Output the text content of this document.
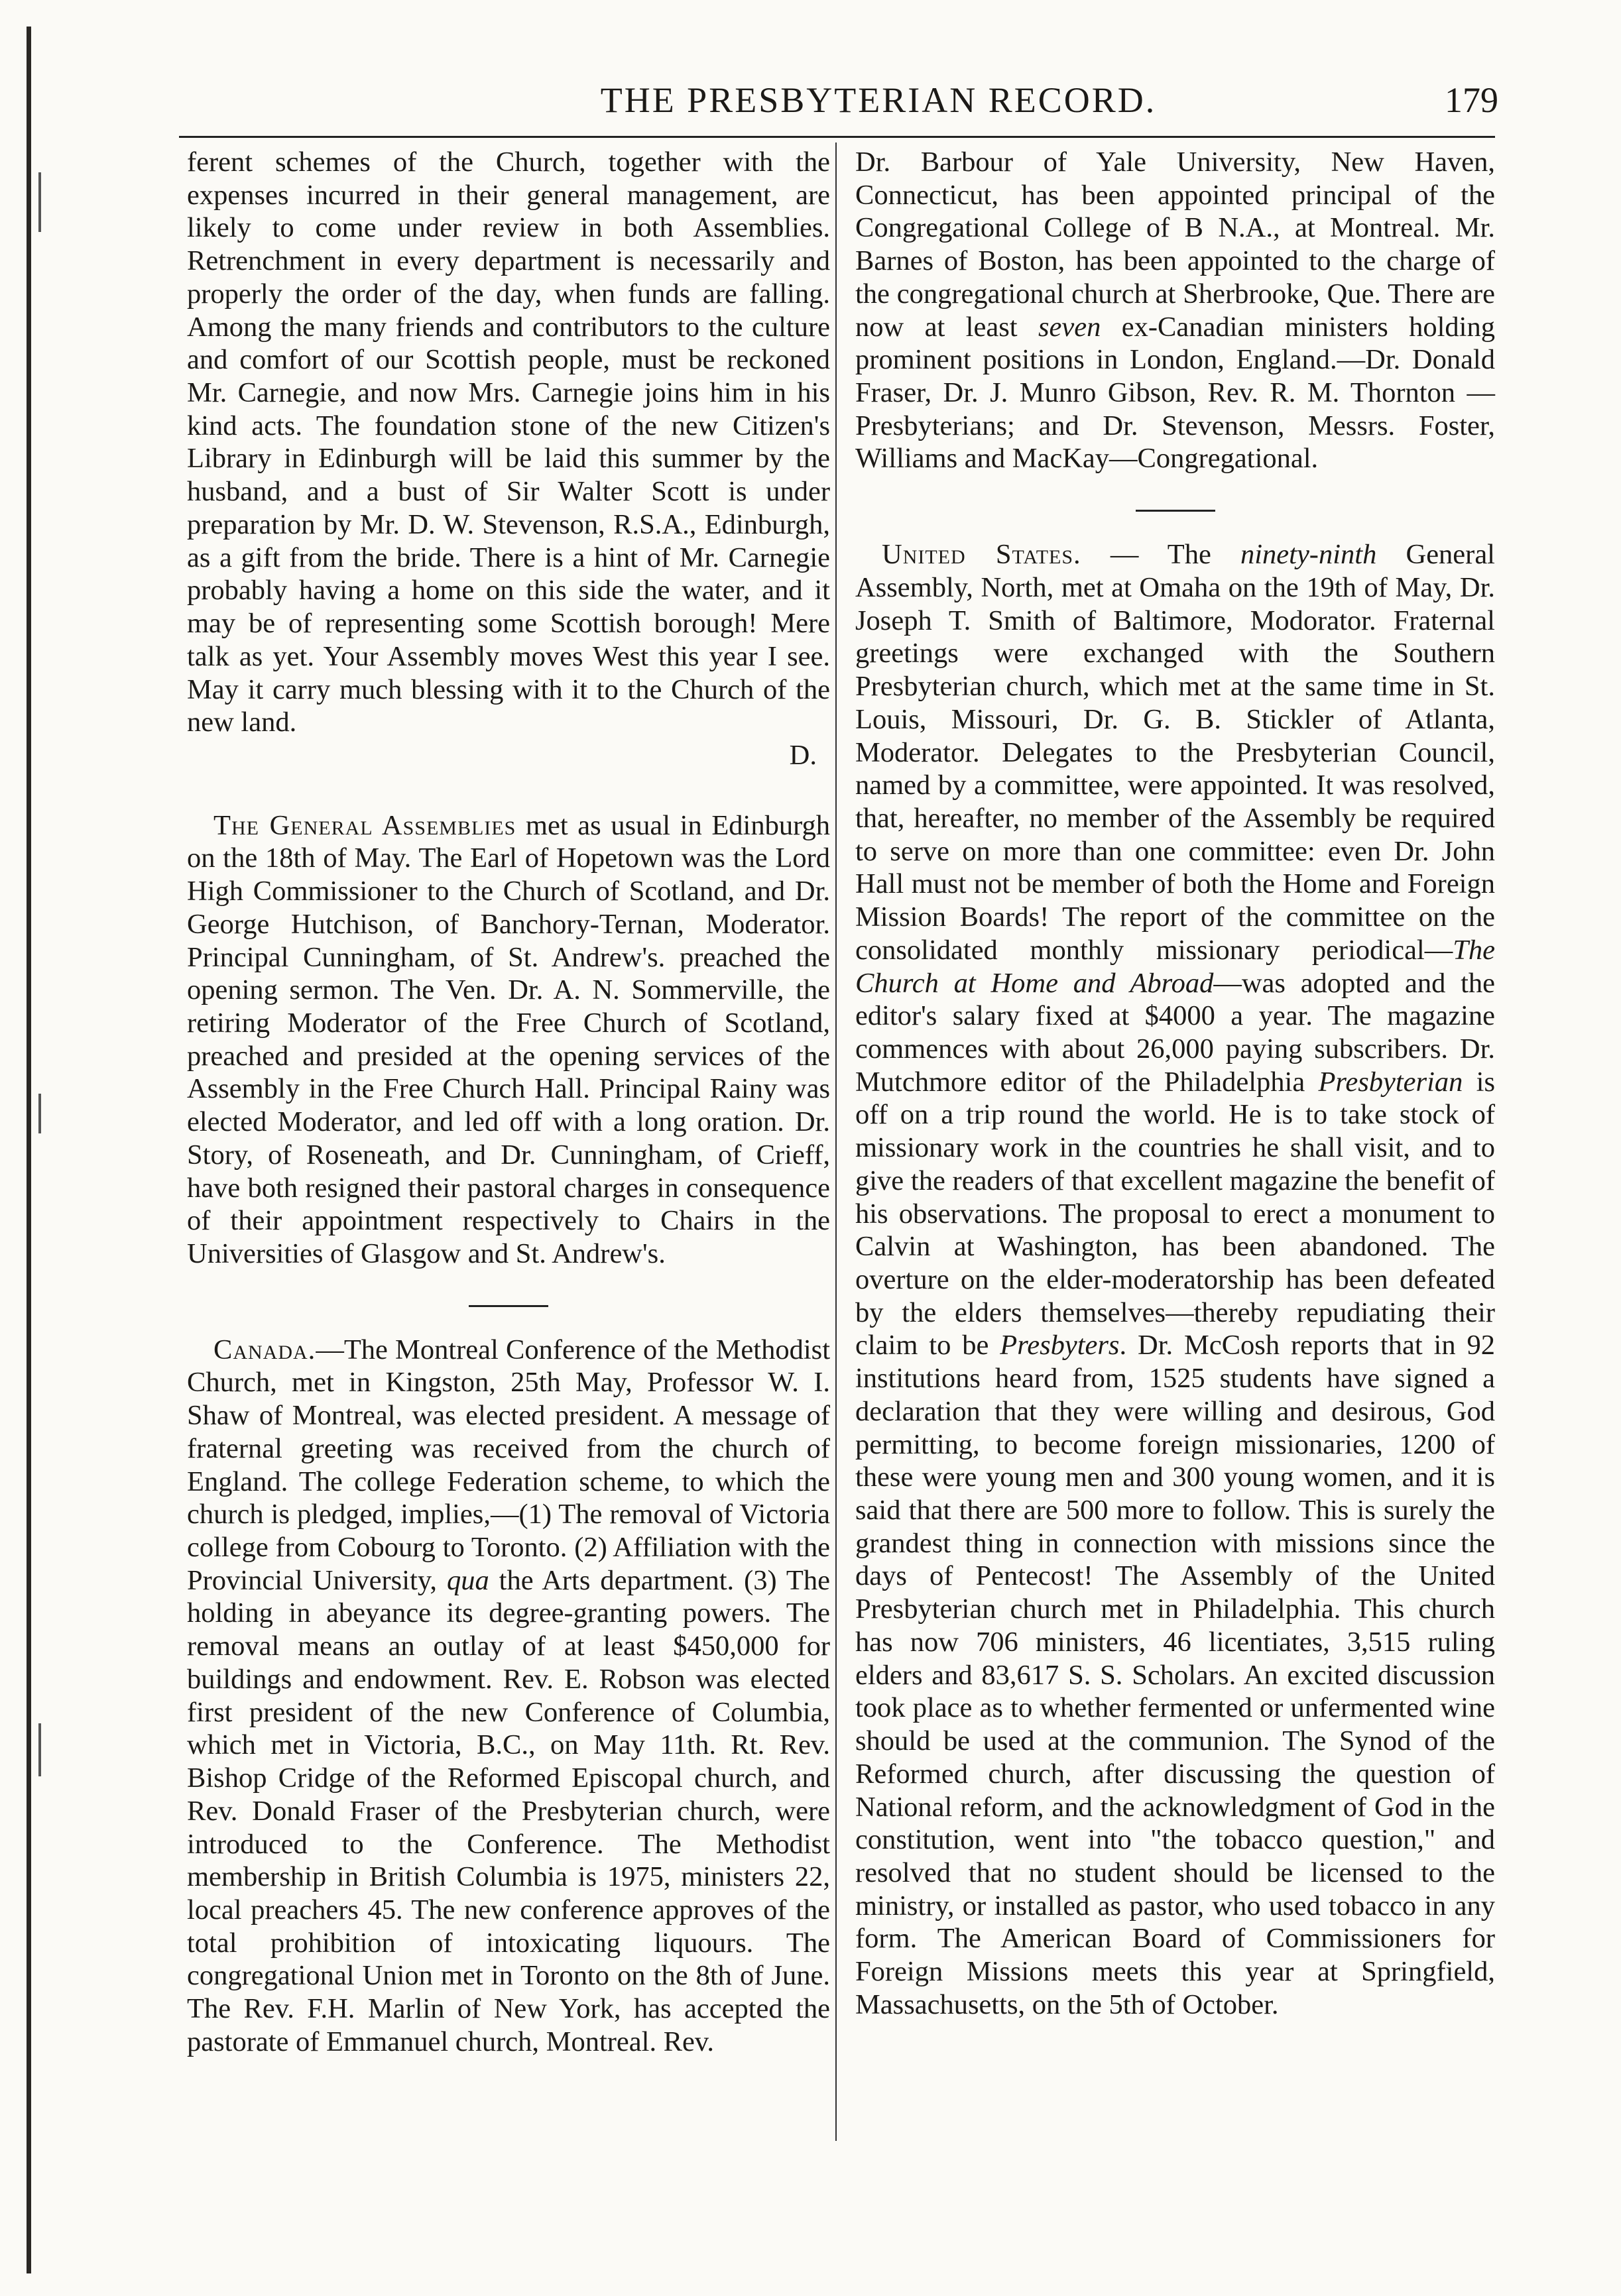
THE PRESBYTERIAN RECORD.	179

ferent schemes of the Church, together with the expenses incurred in their general management, are likely to come under review in both Assemblies. Retrenchment in every department is necessarily and properly the order of the day, when funds are falling. Among the many friends and contributors to the culture and comfort of our Scottish people, must be reckoned Mr. Carnegie, and now Mrs. Carnegie joins him in his kind acts. The foundation stone of the new Citizen's Library in Edinburgh will be laid this summer by the husband, and a bust of Sir Walter Scott is under preparation by Mr. D. W. Stevenson, R.S.A., Edinburgh, as a gift from the bride. There is a hint of Mr. Carnegie probably having a home on this side the water, and it may be of representing some Scottish borough! Mere talk as yet. Your Assembly moves West this year I see. May it carry much blessing with it to the Church of the new land.

D.

The General Assemblies met as usual in Edinburgh on the 18th of May. The Earl of Hopetown was the Lord High Commissioner to the Church of Scotland, and Dr. George Hutchison, of Banchory-Ternan, Moderator. Principal Cunningham, of St. Andrew's. preached the opening sermon. The Ven. Dr. A. N. Sommerville, the retiring Moderator of the Free Church of Scotland, preached and presided at the opening services of the Assembly in the Free Church Hall. Principal Rainy was elected Moderator, and led off with a long oration. Dr. Story, of Roseneath, and Dr. Cunningham, of Crieff, have both resigned their pastoral charges in consequence of their appointment respectively to Chairs in the Universities of Glasgow and St. Andrew's.

Canada.—The Montreal Conference of the Methodist Church, met in Kingston, 25th May, Professor W. I. Shaw of Montreal, was elected president. A message of fraternal greeting was received from the church of England. The college Federation scheme, to which the church is pledged, implies,—(1) The removal of Victoria college from Cobourg to Toronto. (2) Affiliation with the Provincial University, qua the Arts department. (3) The holding in abeyance its degree-granting powers. The removal means an outlay of at least $450,000 for buildings and endowment. Rev. E. Robson was elected first president of the new Conference of Columbia, which met in Victoria, B.C., on May 11th. Rt. Rev. Bishop Cridge of the Reformed Episcopal church, and Rev. Donald Fraser of the Presbyterian church, were introduced to the Conference. The Methodist membership in British Columbia is 1975, ministers 22, local preachers 45. The new conference approves of the total prohibition of intoxicating liquours. The congregational Union met in Toronto on the 8th of June. The Rev. F.H. Marlin of New York, has accepted the pastorate of Emmanuel church, Montreal. Rev.

Dr. Barbour of Yale University, New Haven, Connecticut, has been appointed principal of the Congregational College of B N.A., at Montreal. Mr. Barnes of Boston, has been appointed to the charge of the congregational church at Sherbrooke, Que. There are now at least seven ex-Canadian ministers holding prominent positions in London, England.—Dr. Donald Fraser, Dr. J. Munro Gibson, Rev. R. M. Thornton — Presbyterians; and Dr. Stevenson, Messrs. Foster, Williams and MacKay—Congregational.

United States. — The ninety-ninth General Assembly, North, met at Omaha on the 19th of May, Dr. Joseph T. Smith of Baltimore, Modorator. Fraternal greetings were exchanged with the Southern Presbyterian church, which met at the same time in St. Louis, Missouri, Dr. G. B. Stickler of Atlanta, Moderator. Delegates to the Presbyterian Council, named by a committee, were appointed. It was resolved, that, hereafter, no member of the Assembly be required to serve on more than one committee: even Dr. John Hall must not be member of both the Home and Foreign Mission Boards! The report of the committee on the consolidated monthly missionary periodical—The Church at Home and Abroad—was adopted and the editor's salary fixed at $4000 a year. The magazine commences with about 26,000 paying subscribers. Dr. Mutchmore editor of the Philadelphia Presbyterian is off on a trip round the world. He is to take stock of missionary work in the countries he shall visit, and to give the readers of that excellent magazine the benefit of his observations. The proposal to erect a monument to Calvin at Washington, has been abandoned. The overture on the elder-moderatorship has been defeated by the elders themselves—thereby repudiating their claim to be Presbyters. Dr. McCosh reports that in 92 institutions heard from, 1525 students have signed a declaration that they were willing and desirous, God permitting, to become foreign missionaries, 1200 of these were young men and 300 young women, and it is said that there are 500 more to follow. This is surely the grandest thing in connection with missions since the days of Pentecost! The Assembly of the United Presbyterian church met in Philadelphia. This church has now 706 ministers, 46 licentiates, 3,515 ruling elders and 83,617 S. S. Scholars. An excited discussion took place as to whether fermented or unfermented wine should be used at the communion. The Synod of the Reformed church, after discussing the question of National reform, and the acknowledgment of God in the constitution, went into "the tobacco question," and resolved that no student should be licensed to the ministry, or installed as pastor, who used tobacco in any form. The American Board of Commissioners for Foreign Missions meets this year at Springfield, Massachusetts, on the 5th of October.
